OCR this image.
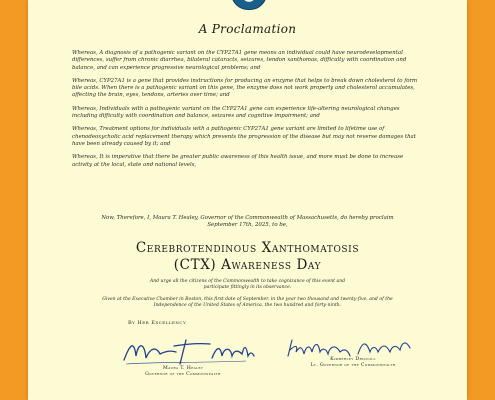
A Proclamation

Whereas, A diagnosis of a pathogenic variant on the CYP27A1 gene means an individual could have neurodevelopmental differences, suffer from chronic diarrhea, bilateral cataracts, seizures, tendon xanthomas, difficulty with coordination and balance, and can experience progressive neurological problems; and

Whereas, CYP27A1 is a gene that provides instructions for producing an enzyme that helps to break down cholesterol to form bile acids. When there is a pathogenic variant on this gene, the enzyme does not work properly and cholesterol accumulates, affecting the brain, eyes, tendons, arteries over time; and

Whereas, Individuals with a pathogenic variant on the CYP27A1 gene can experience life-altering neurological changes including difficulty with coordination and balance, seizures and cognitive impairment; and

Whereas, Treatment options for individuals with a pathogenic CYP27A1 gene variant are limited to lifetime use of chenodeoxycholic acid replacement therapy which prevents the progression of the disease but may not reverse damages that have been already caused by it; and

Whereas, It is imperative that there be greater public awareness of this health issue, and more must be done to increase activity at the local, state and national levels,

Now, Therefore, I, Maura T. Healey, Governor of the Commonwealth of Massachusetts, do hereby proclaim September 17th, 2025, to be,
Cerebrotendinous Xanthomatosis
(CTX) Awareness Day
And urge all the citizens of the Commonwealth to take cognizance of this event and participate fittingly in its observance.
Given at the Executive Chamber in Boston, this first date of September, in the year two thousand and twenty-five, and of the Independence of the United States of America, the two hundred and forty-ninth.
By Her Excellency
Maura T. Healey
Governor of the Commonwealth
Kimberley Driscoll
Lt. Governor of the Commonwealth
